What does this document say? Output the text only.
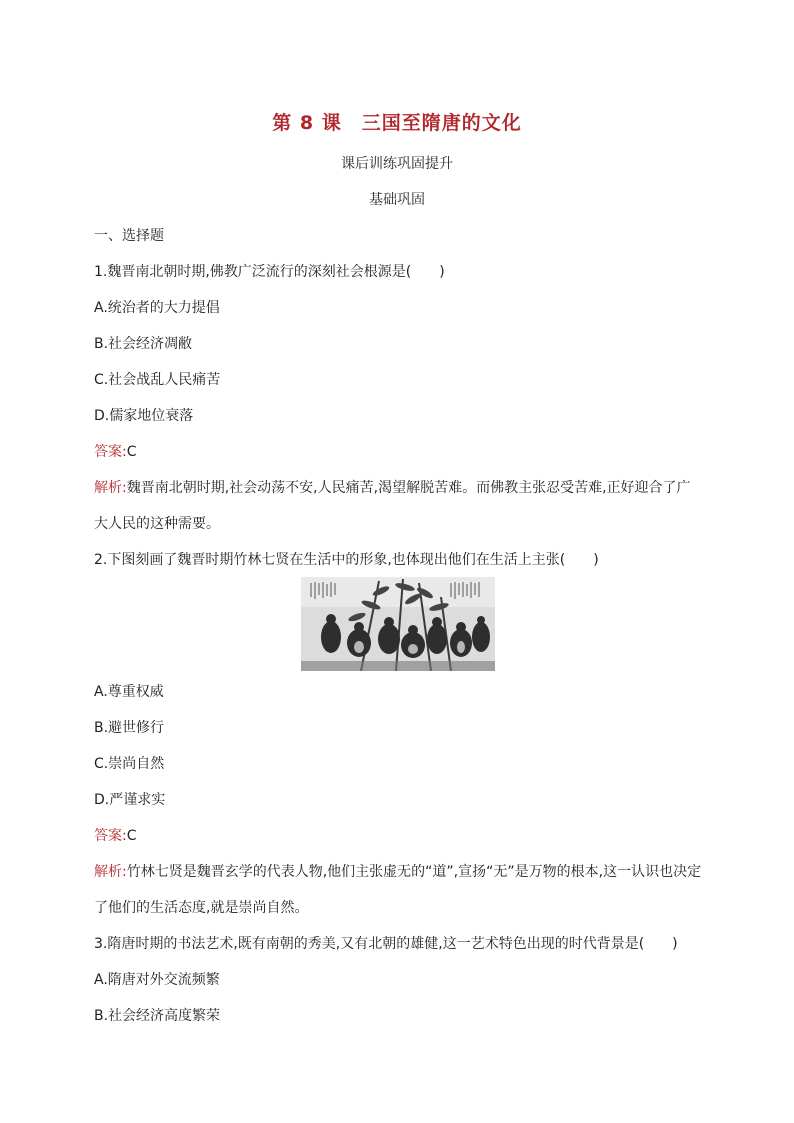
第 8 课　三国至隋唐的文化
课后训练巩固提升
基础巩固
一、选择题
1.魏晋南北朝时期,佛教广泛流行的深刻社会根源是(　　)
A.统治者的大力提倡
B.社会经济凋敝
C.社会战乱人民痛苦
D.儒家地位衰落
答案:C
解析:魏晋南北朝时期,社会动荡不安,人民痛苦,渴望解脱苦难。而佛教主张忍受苦难,正好迎合了广大人民的这种需要。
2.下图刻画了魏晋时期竹林七贤在生活中的形象,也体现出他们在生活上主张(　　)
A.尊重权威
B.避世修行
C.崇尚自然
D.严谨求实
答案:C
解析:竹林七贤是魏晋玄学的代表人物,他们主张虚无的“道”,宣扬“无”是万物的根本,这一认识也决定了他们的生活态度,就是崇尚自然。
3.隋唐时期的书法艺术,既有南朝的秀美,又有北朝的雄健,这一艺术特色出现的时代背景是(　　)
A.隋唐对外交流频繁
B.社会经济高度繁荣
